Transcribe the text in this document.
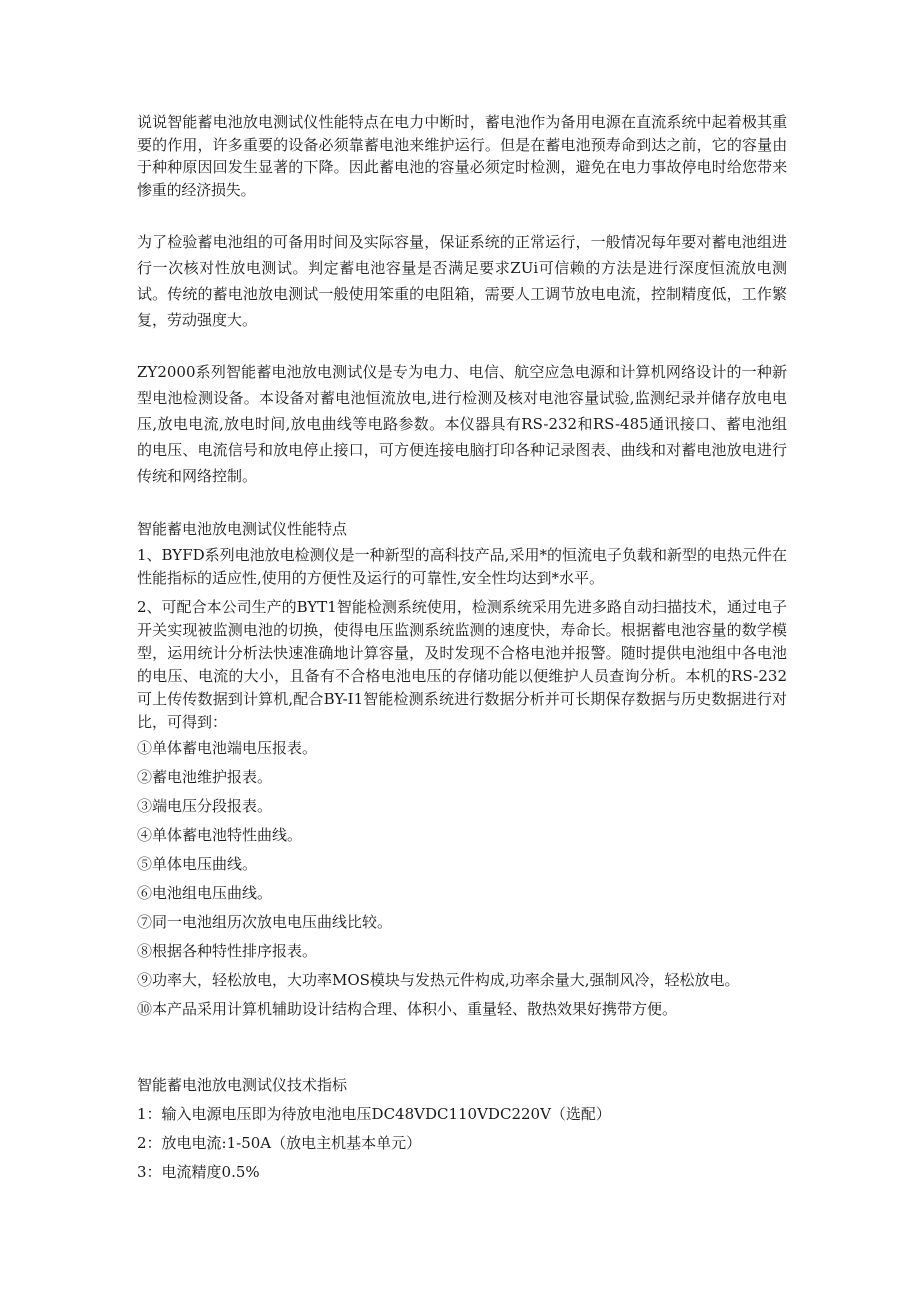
说说智能蓄电池放电测试仪性能特点在电力中断时，蓄电池作为备用电源在直流系统中起着极其重要的作用，许多重要的设备必须靠蓄电池来维护运行。但是在蓄电池预寿命到达之前，它的容量由于种种原因回发生显著的下降。因此蓄电池的容量必须定时检测，避免在电力事故停电时给您带来惨重的经济损失。

为了检验蓄电池组的可备用时间及实际容量，保证系统的正常运行，一般情况每年要对蓄电池组进行一次核对性放电测试。判定蓄电池容量是否满足要求ZUi可信赖的方法是进行深度恒流放电测试。传统的蓄电池放电测试一般使用笨重的电阻箱，需要人工调节放电电流，控制精度低，工作繁复，劳动强度大。

ZY2000系列智能蓄电池放电测试仪是专为电力、电信、航空应急电源和计算机网络设计的一种新型电池检测设备。本设备对蓄电池恒流放电,进行检测及核对电池容量试验,监测纪录并储存放电电压,放电电流,放电时间,放电曲线等电路参数。本仪器具有RS-232和RS-485通讯接口、蓄电池组的电压、电流信号和放电停止接口，可方便连接电脑打印各种记录图表、曲线和对蓄电池放电进行传统和网络控制。

智能蓄电池放电测试仪性能特点

1、BYFD系列电池放电检测仪是一种新型的高科技产品,采用*的恒流电子负载和新型的电热元件在性能指标的适应性,使用的方便性及运行的可靠性,安全性均达到*水平。

2、可配合本公司生产的BYT1智能检测系统使用，检测系统采用先进多路自动扫描技术，通过电子开关实现被监测电池的切换，使得电压监测系统监测的速度快，寿命长。根据蓄电池容量的数学模型，运用统计分析法快速准确地计算容量，及时发现不合格电池并报警。随时提供电池组中各电池的电压、电流的大小，且备有不合格电池电压的存储功能以便维护人员查询分析。本机的RS-232可上传传数据到计算机,配合BY-I1智能检测系统进行数据分析并可长期保存数据与历史数据进行对比，可得到：

①单体蓄电池端电压报表。

②蓄电池维护报表。

③端电压分段报表。

④单体蓄电池特性曲线。

⑤单体电压曲线。

⑥电池组电压曲线。

⑦同一电池组历次放电电压曲线比较。

⑧根据各种特性排序报表。

⑨功率大，轻松放电，大功率MOS模块与发热元件构成,功率余量大,强制风冷，轻松放电。

⑩本产品采用计算机辅助设计结构合理、体积小、重量轻、散热效果好携带方便。

智能蓄电池放电测试仪技术指标

1：输入电源电压即为待放电池电压DC48VDC110VDC220V（选配）

2：放电电流:1-50A（放电主机基本单元）

3：电流精度0.5%
